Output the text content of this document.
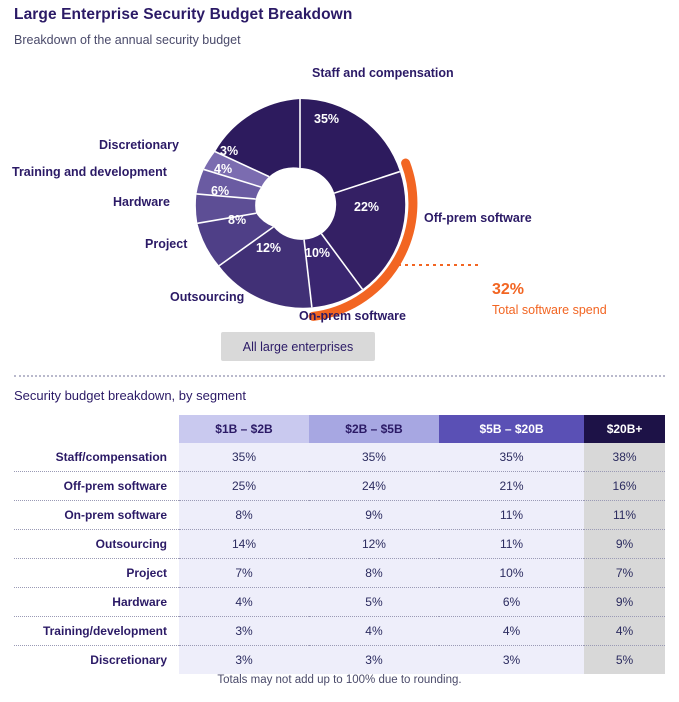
Large Enterprise Security Budget Breakdown
Breakdown of the annual security budget
35%
22%
10%
12%
8%
6%
4%
3%
Staff and compensation
Off-prem software
On-prem software
Outsourcing
Project
Hardware
Training and development
Discretionary
32%
Total software spend
All large enterprises
Security budget breakdown, by segment
	$1B – $2B	$2B – $5B	$5B – $20B	$20B+
Staff/compensation	35%	35%	35%	38%
Off-prem software	25%	24%	21%	16%
On-prem software	8%	9%	11%	11%
Outsourcing	14%	12%	11%	9%
Project	7%	8%	10%	7%
Hardware	4%	5%	6%	9%
Training/development	3%	4%	4%	4%
Discretionary	3%	3%	3%	5%
Totals may not add up to 100% due to rounding.
